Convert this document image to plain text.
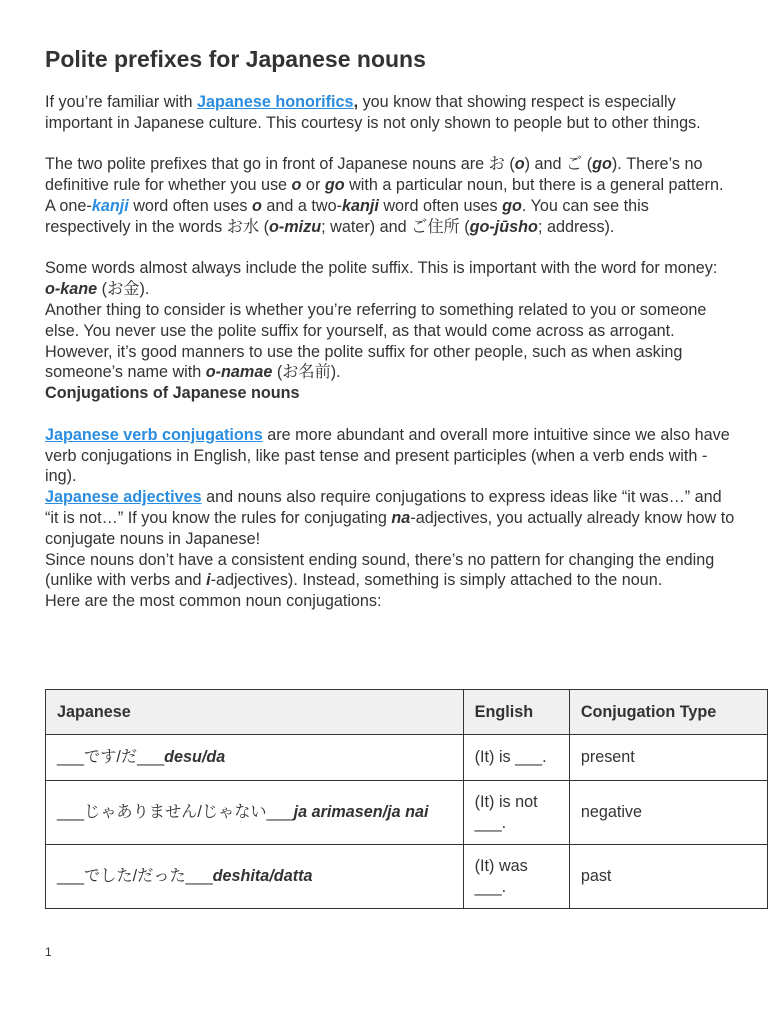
Polite prefixes for Japanese nouns

If you’re familiar with Japanese honorifics, you know that showing respect is especially important in Japanese culture. This courtesy is not only shown to people but to other things.

The two polite prefixes that go in front of Japanese nouns are お (o) and ご (go). There’s no definitive rule for whether you use o or go with a particular noun, but there is a general pattern. A one-kanji word often uses o and a two-kanji word often uses go. You can see this respectively in the words お水 (o-mizu; water) and ご住所 (go-jūsho; address).

Some words almost always include the polite suffix. This is important with the word for money: o-kane (お金).

Another thing to consider is whether you’re referring to something related to you or someone else. You never use the polite suffix for yourself, as that would come across as arrogant. However, it’s good manners to use the polite suffix for other people, such as when asking someone’s name with o-namae (お名前).

Conjugations of Japanese nouns

Japanese verb conjugations are more abundant and overall more intuitive since we also have verb conjugations in English, like past tense and present participles (when a verb ends with -ing).

Japanese adjectives and nouns also require conjugations to express ideas like “it was…” and “it is not…” If you know the rules for conjugating na-adjectives, you actually already know how to conjugate nouns in Japanese!

Since nouns don’t have a consistent ending sound, there’s no pattern for changing the ending (unlike with verbs and i-adjectives). Instead, something is simply attached to the noun.

Here are the most common noun conjugations:

Japanese	English	Conjugation Type
___です/だ___desu/da	(It) is ___.	present
___じゃありません/じゃない___ja arimasen/ja nai	(It) is not ___.	negative
___でした/だった___deshita/datta	(It) was ___.	past
1
